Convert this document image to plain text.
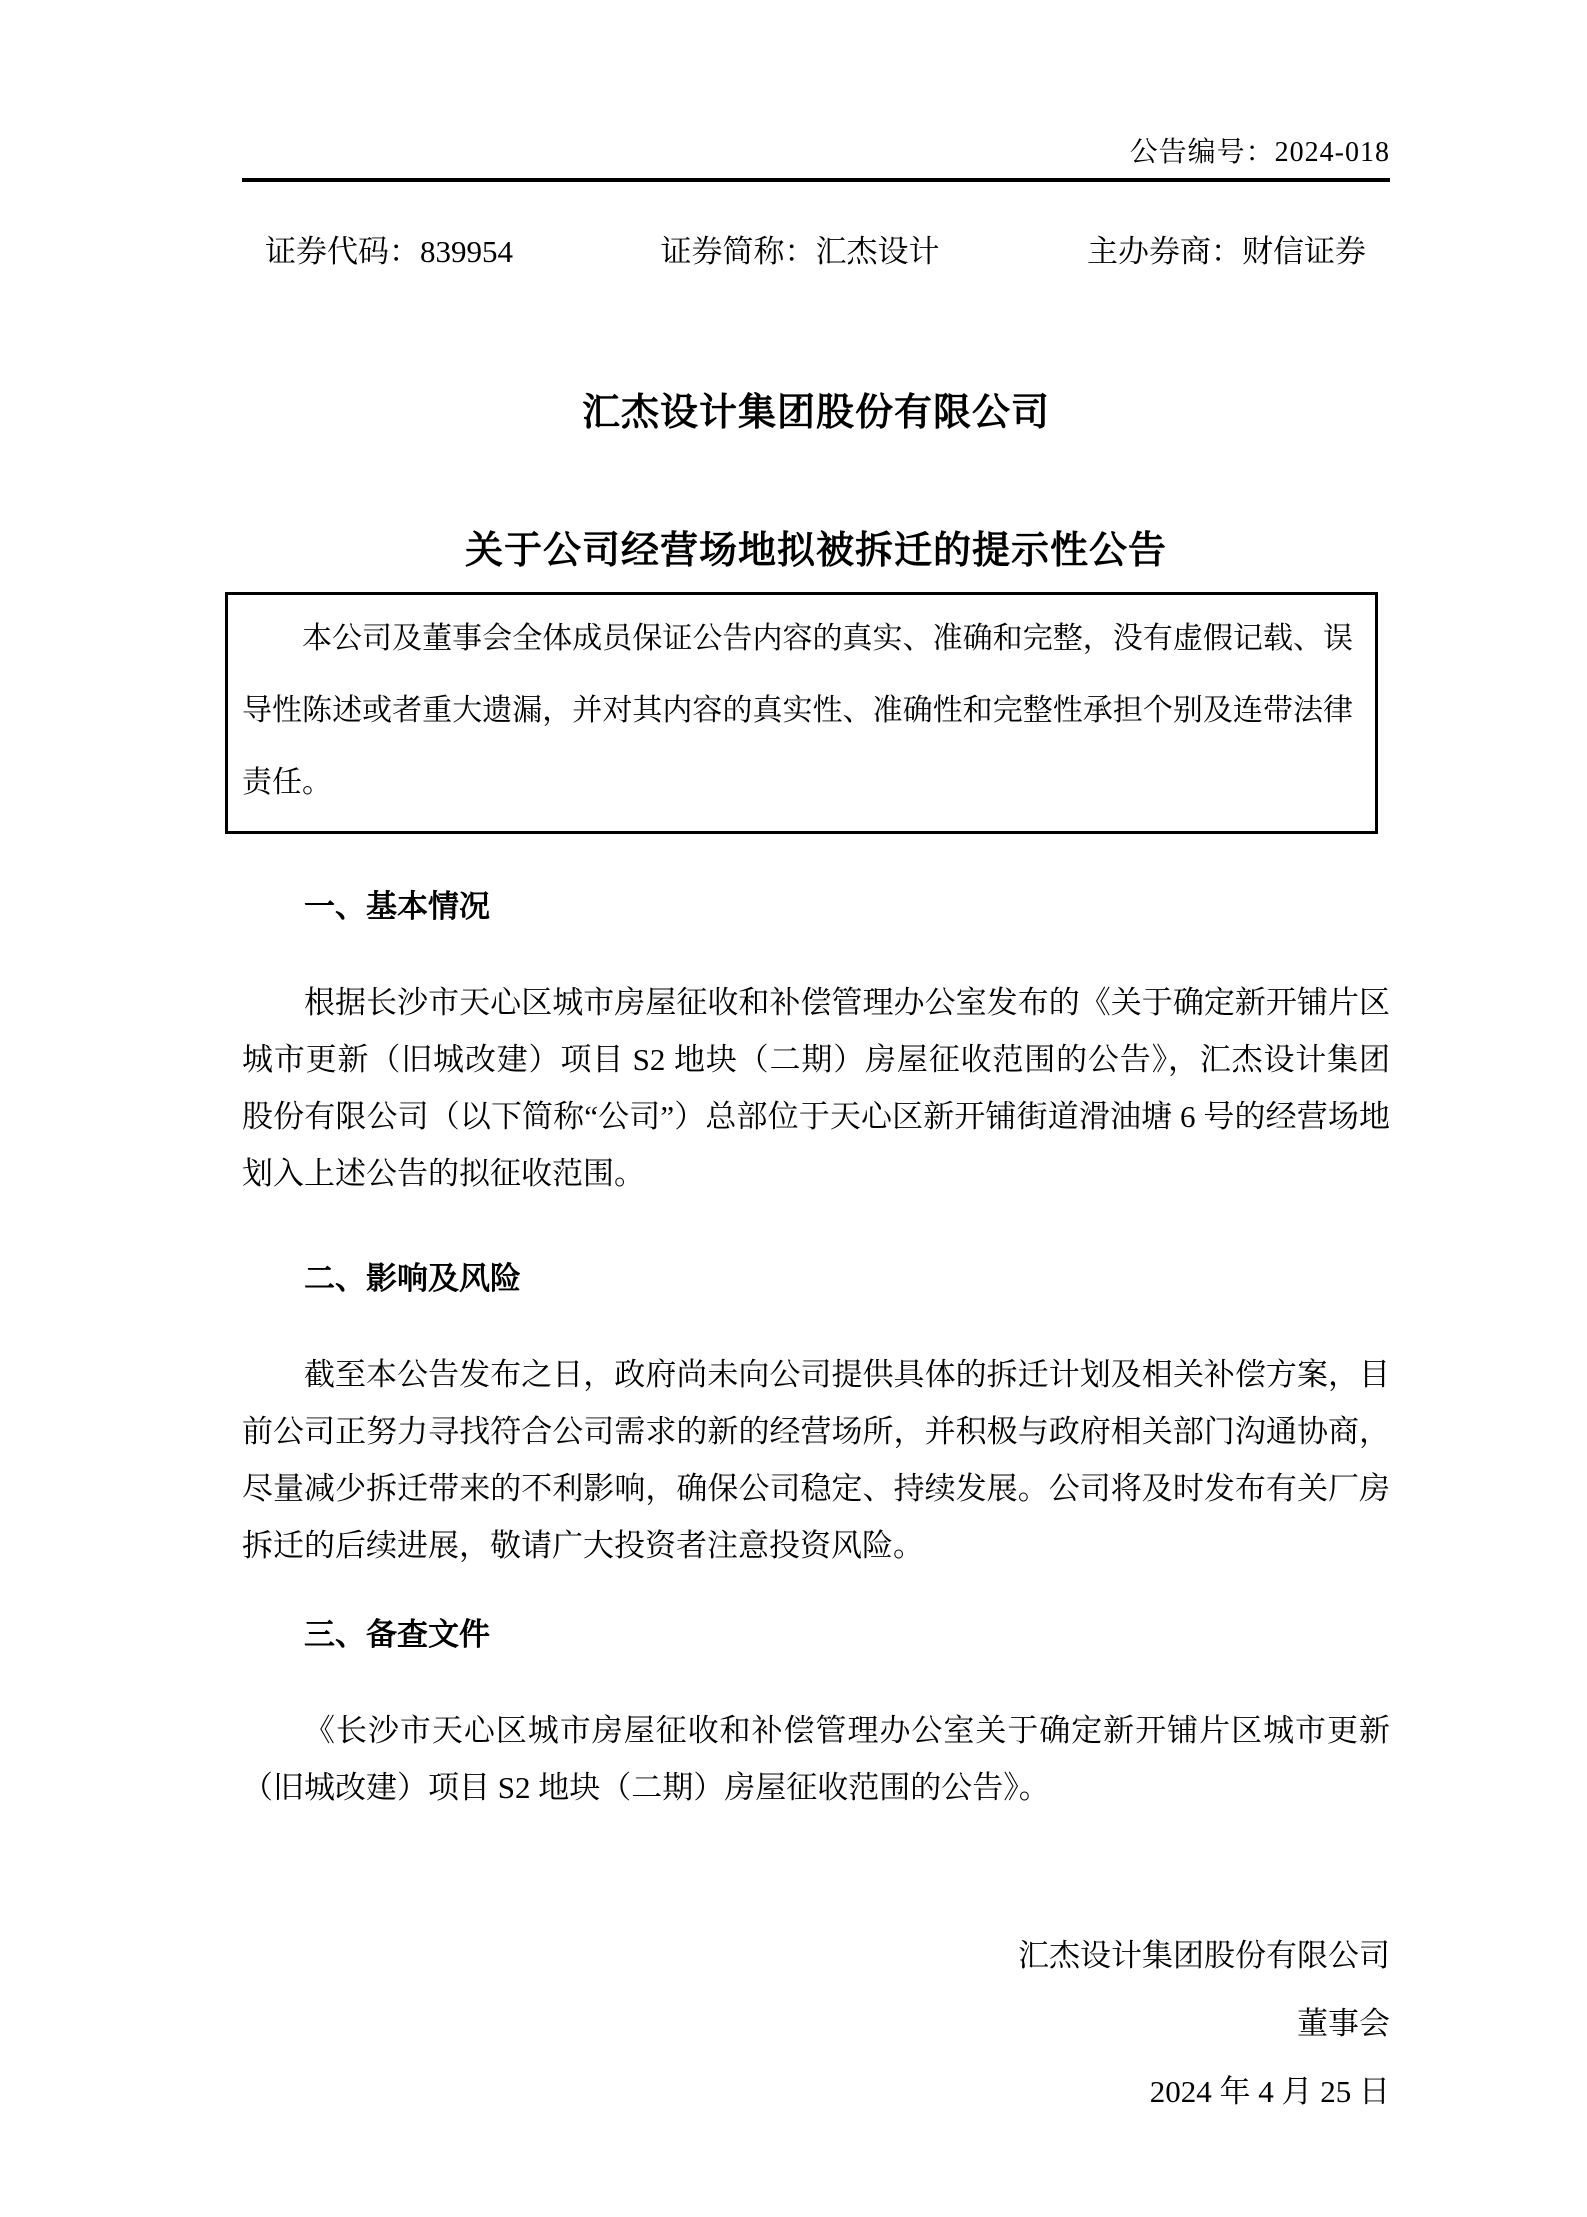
公告编号：2024-018
证券代码：839954	证券简称：汇杰设计	主办券商：财信证券
汇杰设计集团股份有限公司
关于公司经营场地拟被拆迁的提示性公告
本公司及董事会全体成员保证公告内容的真实、准确和完整，没有虚假记载、误导性陈述或者重大遗漏，并对其内容的真实性、准确性和完整性承担个别及连带法律责任。
一、基本情况
根据长沙市天心区城市房屋征收和补偿管理办公室发布的《关于确定新开铺片区城市更新（旧城改建）项目 S2 地块（二期）房屋征收范围的公告》，汇杰设计集团股份有限公司（以下简称“公司”）总部位于天心区新开铺街道滑油塘 6 号的经营场地划入上述公告的拟征收范围。
二、影响及风险
截至本公告发布之日，政府尚未向公司提供具体的拆迁计划及相关补偿方案，目前公司正努力寻找符合公司需求的新的经营场所，并积极与政府相关部门沟通协商，尽量减少拆迁带来的不利影响，确保公司稳定、持续发展。公司将及时发布有关厂房拆迁的后续进展，敬请广大投资者注意投资风险。
三、备查文件
《长沙市天心区城市房屋征收和补偿管理办公室关于确定新开铺片区城市更新（旧城改建）项目 S2 地块（二期）房屋征收范围的公告》。
汇杰设计集团股份有限公司
董事会
2024 年 4 月 25 日
